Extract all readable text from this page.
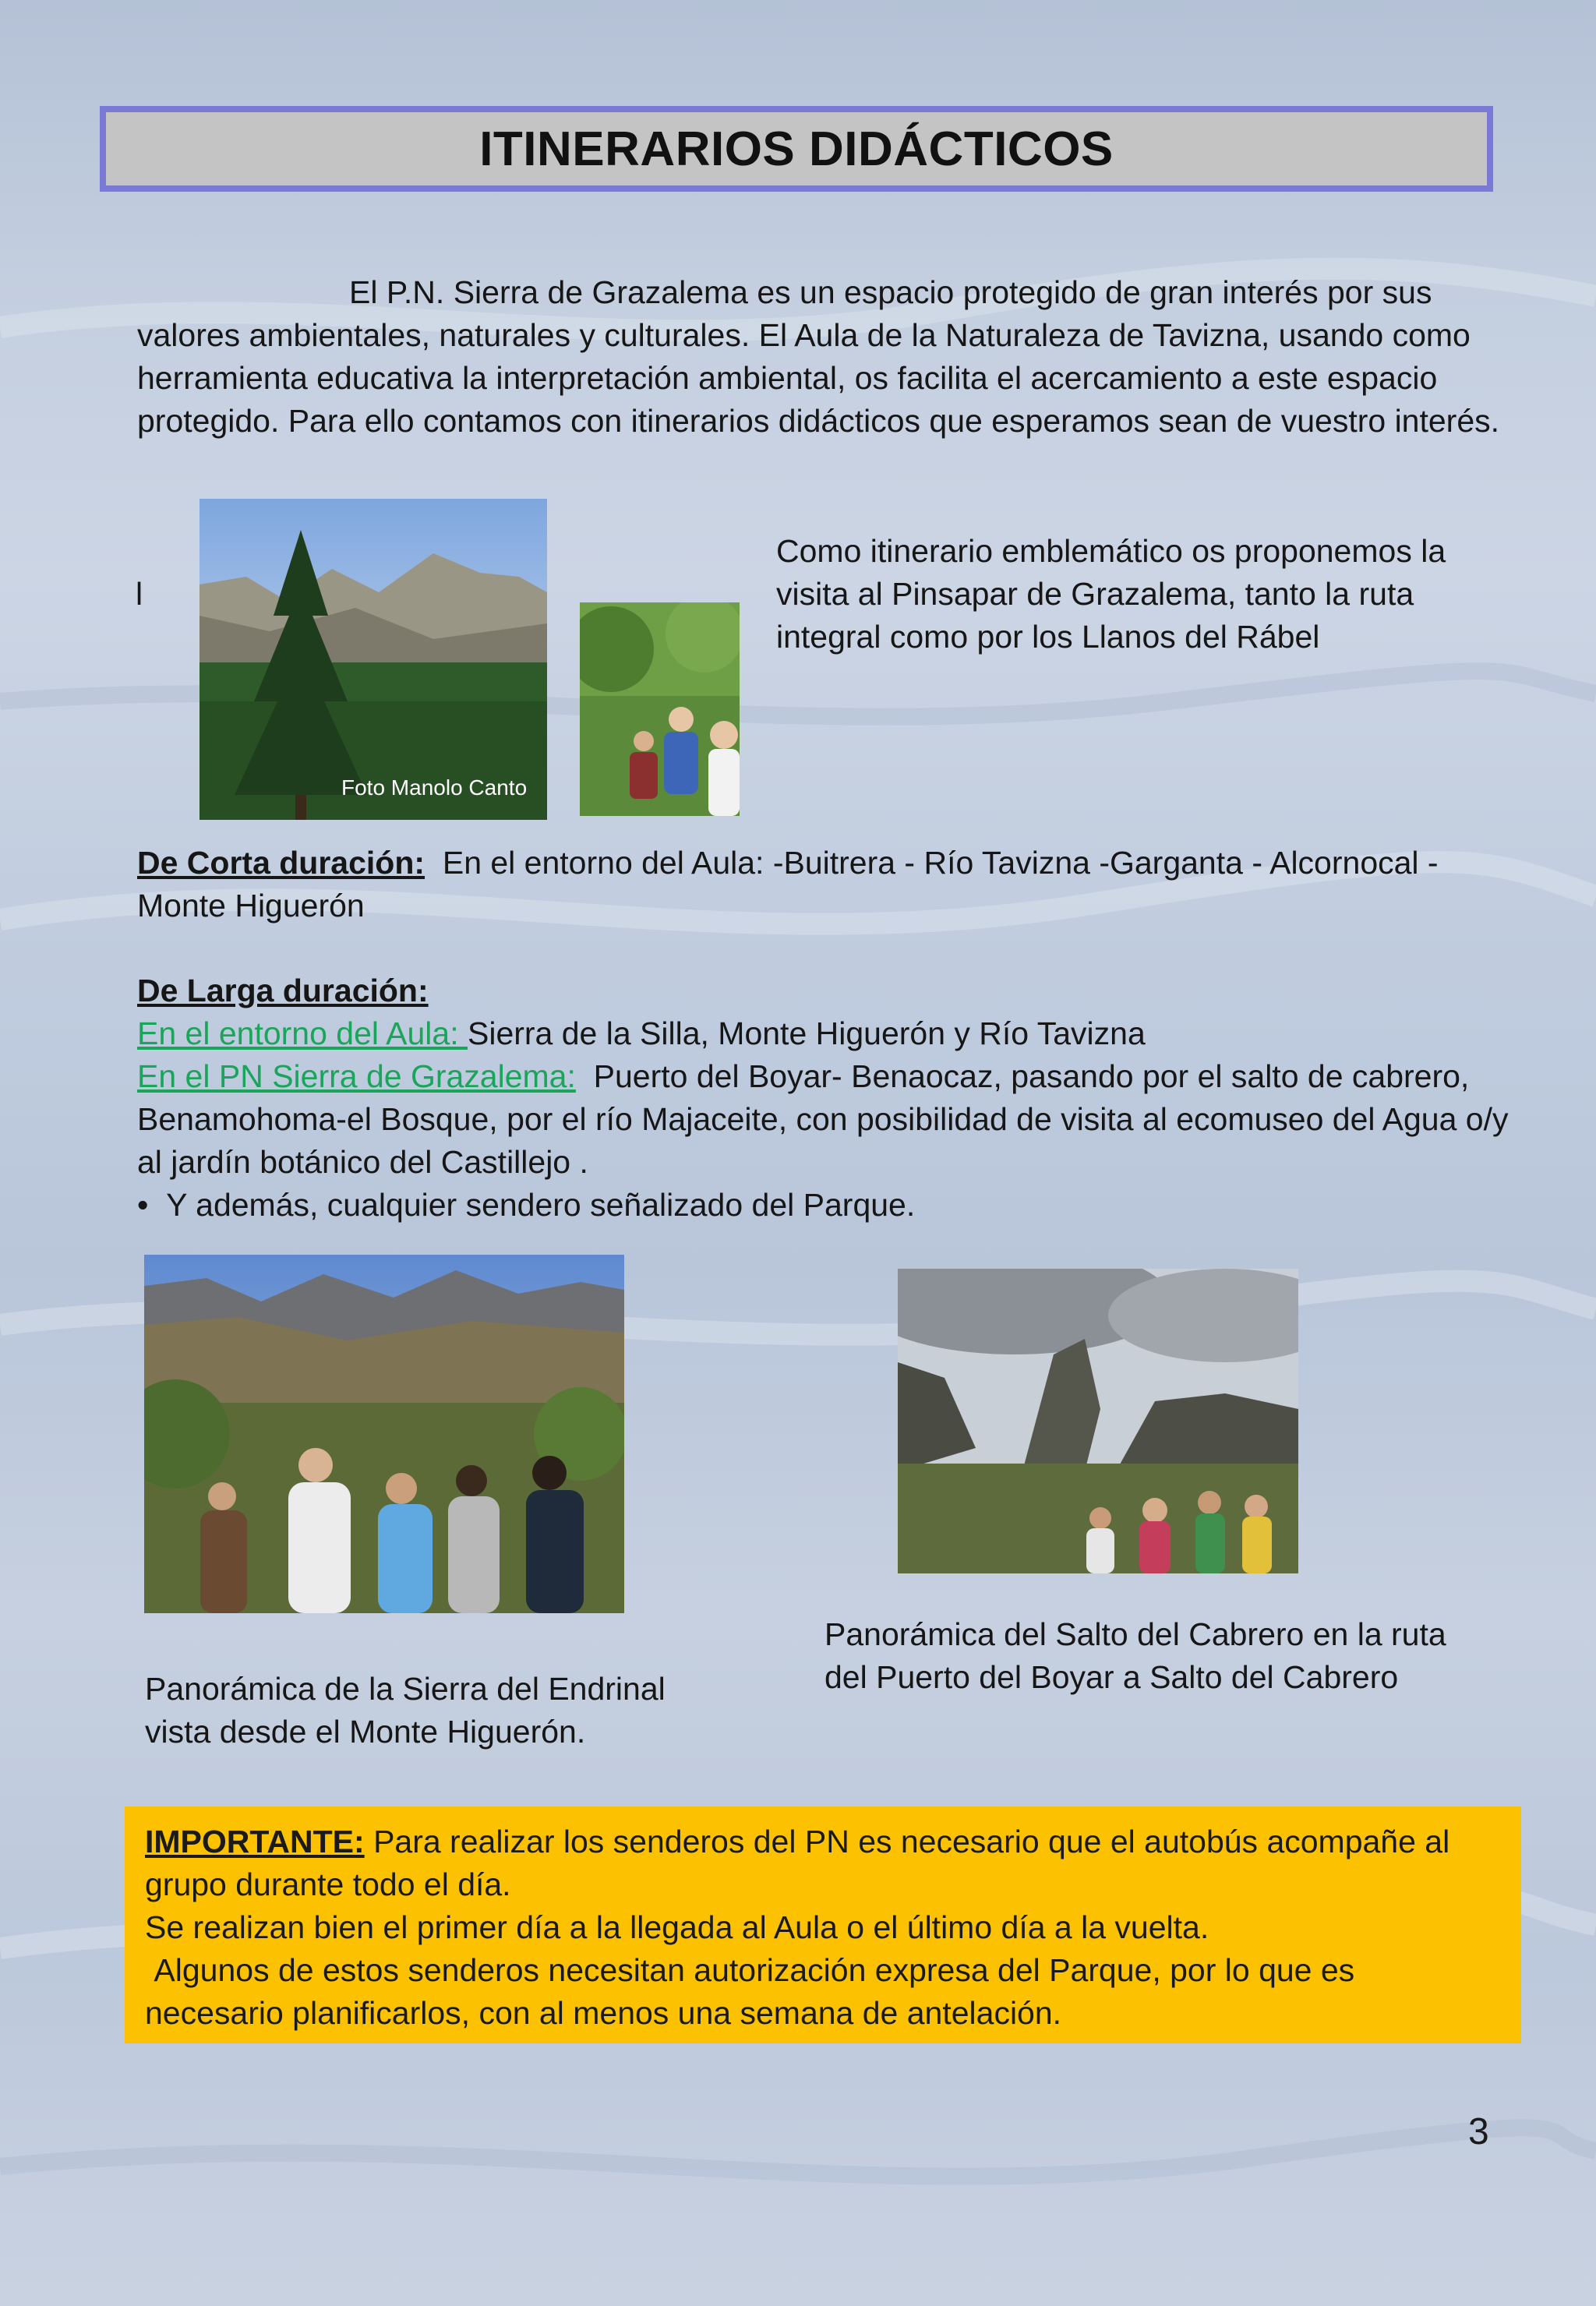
ITINERARIOS DIDÁCTICOS

El P.N. Sierra de Grazalema es un espacio protegido de gran interés por sus valores ambientales, naturales y culturales. El Aula de la Naturaleza de Tavizna, usando como herramienta educativa la interpretación ambiental, os facilita el acercamiento a este espacio protegido. Para ello contamos con itinerarios didácticos que esperamos sean de vuestro interés.

l
Foto Manolo Canto

Como itinerario emblemático os proponemos la visita al Pinsapar de Grazalema, tanto la ruta integral como por los Llanos del Rábel

De Corta duración: En el entorno del Aula: -Buitrera - Río Tavizna -Garganta - Alcornocal - Monte Higuerón

De Larga duración:
En el entorno del Aula: Sierra de la Silla, Monte Higuerón y Río Tavizna
En el PN Sierra de Grazalema: Puerto del Boyar- Benaocaz, pasando por el salto de cabrero, Benamohoma-el Bosque, por el río Majaceite, con posibilidad de visita al ecomuseo del Agua o/y al jardín botánico del Castillejo .
• Y además, cualquier sendero señalizado del Parque.

Panorámica del Salto del Cabrero en la ruta del Puerto del Boyar a Salto del Cabrero

Panorámica de la Sierra del Endrinal vista desde el Monte Higuerón.

IMPORTANTE: Para realizar los senderos del PN es necesario que el autobús acompañe al grupo durante todo el día.

Se realizan bien el primer día a la llegada al Aula o el último día a la vuelta.

Algunos de estos senderos necesitan autorización expresa del Parque, por lo que es necesario planificarlos, con al menos una semana de antelación.

3
